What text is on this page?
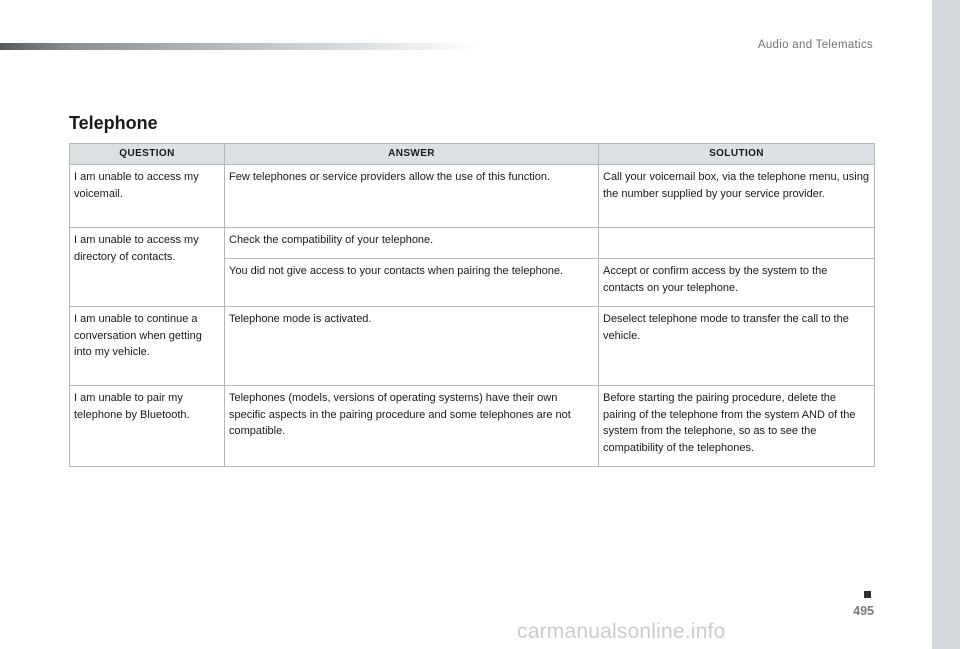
Audio and Telematics
Telephone
QUESTION	ANSWER	SOLUTION
I am unable to access my voicemail.	Few telephones or service providers allow the use of this function.	Call your voicemail box, via the telephone menu, using the number supplied by your service provider.
I am unable to access my directory of contacts.	Check the compatibility of your telephone.	
	You did not give access to your contacts when pairing the telephone.	Accept or confirm access by the system to the contacts on your telephone.
I am unable to continue a conversation when getting into my vehicle.	Telephone mode is activated.	Deselect telephone mode to transfer the call to the vehicle.
I am unable to pair my telephone by Bluetooth.	Telephones (models, versions of operating systems) have their own specific aspects in the pairing procedure and some telephones are not compatible.	Before starting the pairing procedure, delete the pairing of the telephone from the system AND of the system from the telephone, so as to see the compatibility of the telephones.
495
carmanualsonline.info
